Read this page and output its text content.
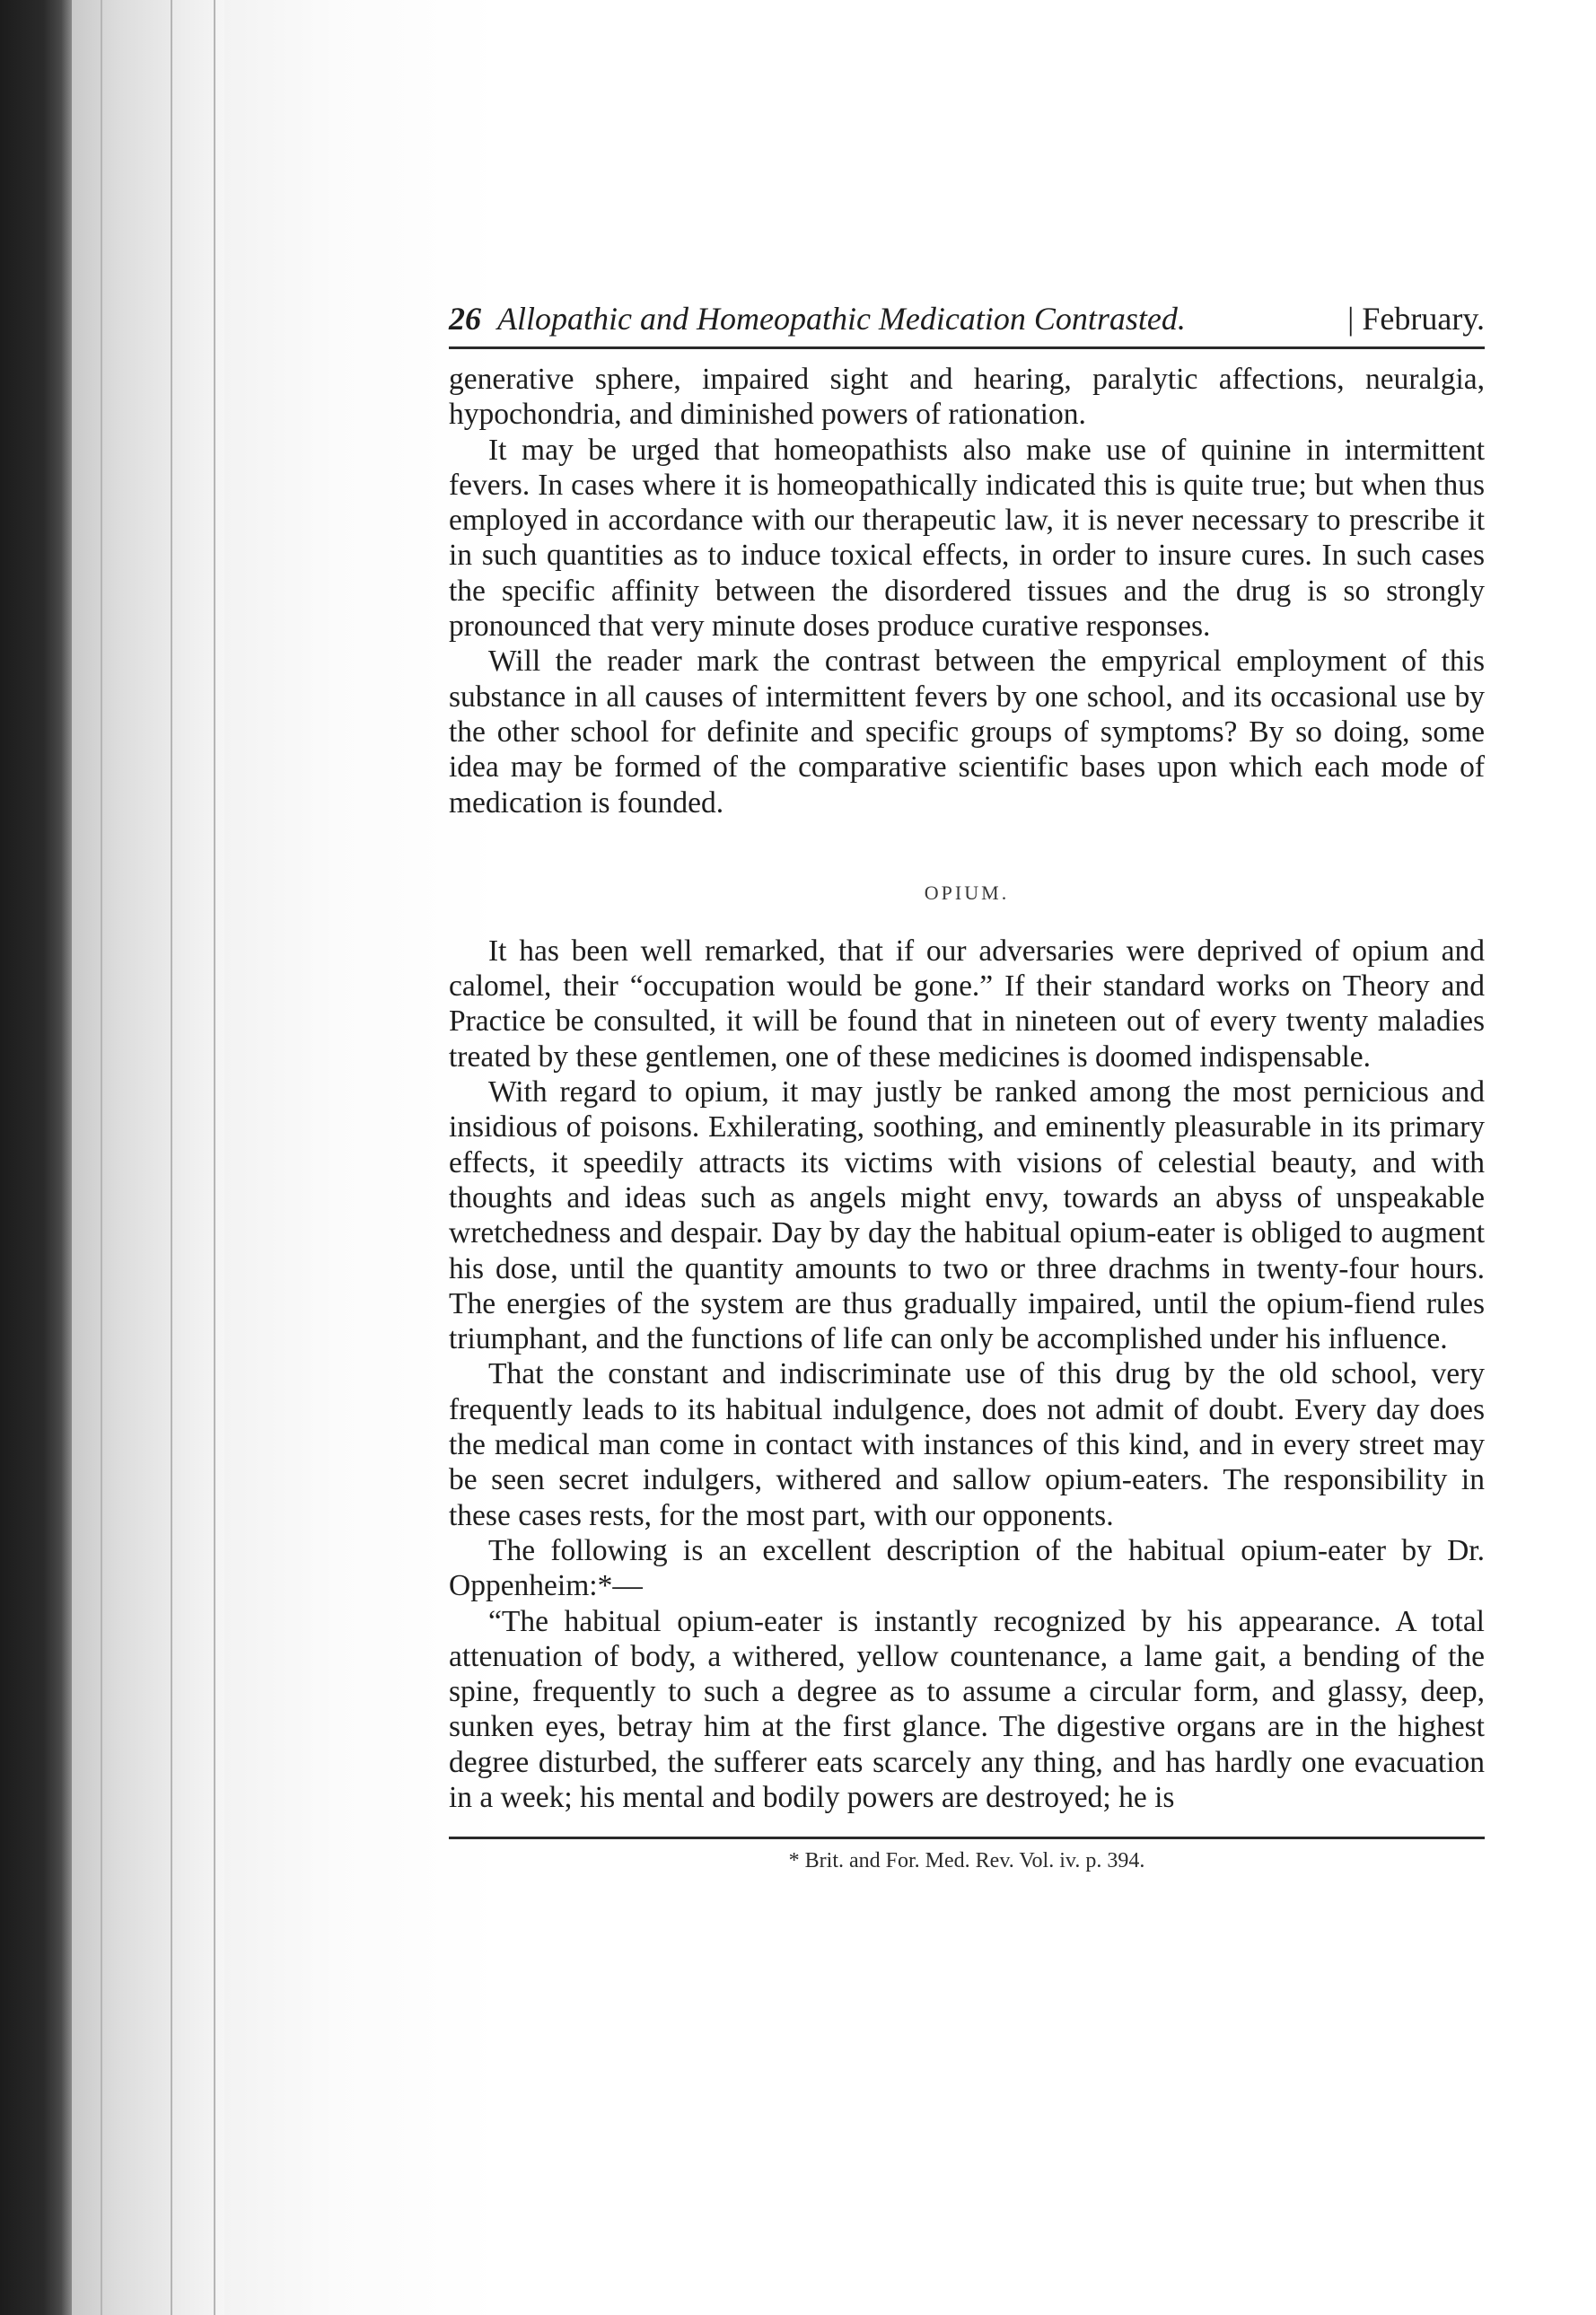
26 Allopathic and Homeopathic Medication Contrasted.	| February.

generative sphere, impaired sight and hearing, paralytic affections, neuralgia, hypochondria, and diminished powers of rationation.

It may be urged that homeopathists also make use of quinine in intermittent fevers. In cases where it is homeopathically indicated this is quite true; but when thus employed in accordance with our therapeutic law, it is never necessary to prescribe it in such quantities as to induce toxical effects, in order to insure cures. In such cases the specific affinity between the disordered tissues and the drug is so strongly pronounced that very minute doses produce curative responses.

Will the reader mark the contrast between the empyrical employment of this substance in all causes of intermittent fevers by one school, and its occasional use by the other school for definite and specific groups of symptoms? By so doing, some idea may be formed of the comparative scientific bases upon which each mode of medication is founded.

OPIUM.

It has been well remarked, that if our adversaries were deprived of opium and calomel, their “occupation would be gone.” If their standard works on Theory and Practice be consulted, it will be found that in nineteen out of every twenty maladies treated by these gentlemen, one of these medicines is doomed indispensable.

With regard to opium, it may justly be ranked among the most pernicious and insidious of poisons. Exhilerating, soothing, and eminently pleasurable in its primary effects, it speedily attracts its victims with visions of celestial beauty, and with thoughts and ideas such as angels might envy, towards an abyss of unspeakable wretchedness and despair. Day by day the habitual opium-eater is obliged to augment his dose, until the quantity amounts to two or three drachms in twenty-four hours. The energies of the system are thus gradually impaired, until the opium-fiend rules triumphant, and the functions of life can only be accomplished under his influence.

That the constant and indiscriminate use of this drug by the old school, very frequently leads to its habitual indulgence, does not admit of doubt. Every day does the medical man come in contact with instances of this kind, and in every street may be seen secret indulgers, withered and sallow opium-eaters. The responsibility in these cases rests, for the most part, with our opponents.

The following is an excellent description of the habitual opium-eater by Dr. Oppenheim:*—

“The habitual opium-eater is instantly recognized by his appearance. A total attenuation of body, a withered, yellow countenance, a lame gait, a bending of the spine, frequently to such a degree as to assume a circular form, and glassy, deep, sunken eyes, betray him at the first glance. The digestive organs are in the highest degree disturbed, the sufferer eats scarcely any thing, and has hardly one evacuation in a week; his mental and bodily powers are destroyed; he is

* Brit. and For. Med. Rev. Vol. iv. p. 394.
